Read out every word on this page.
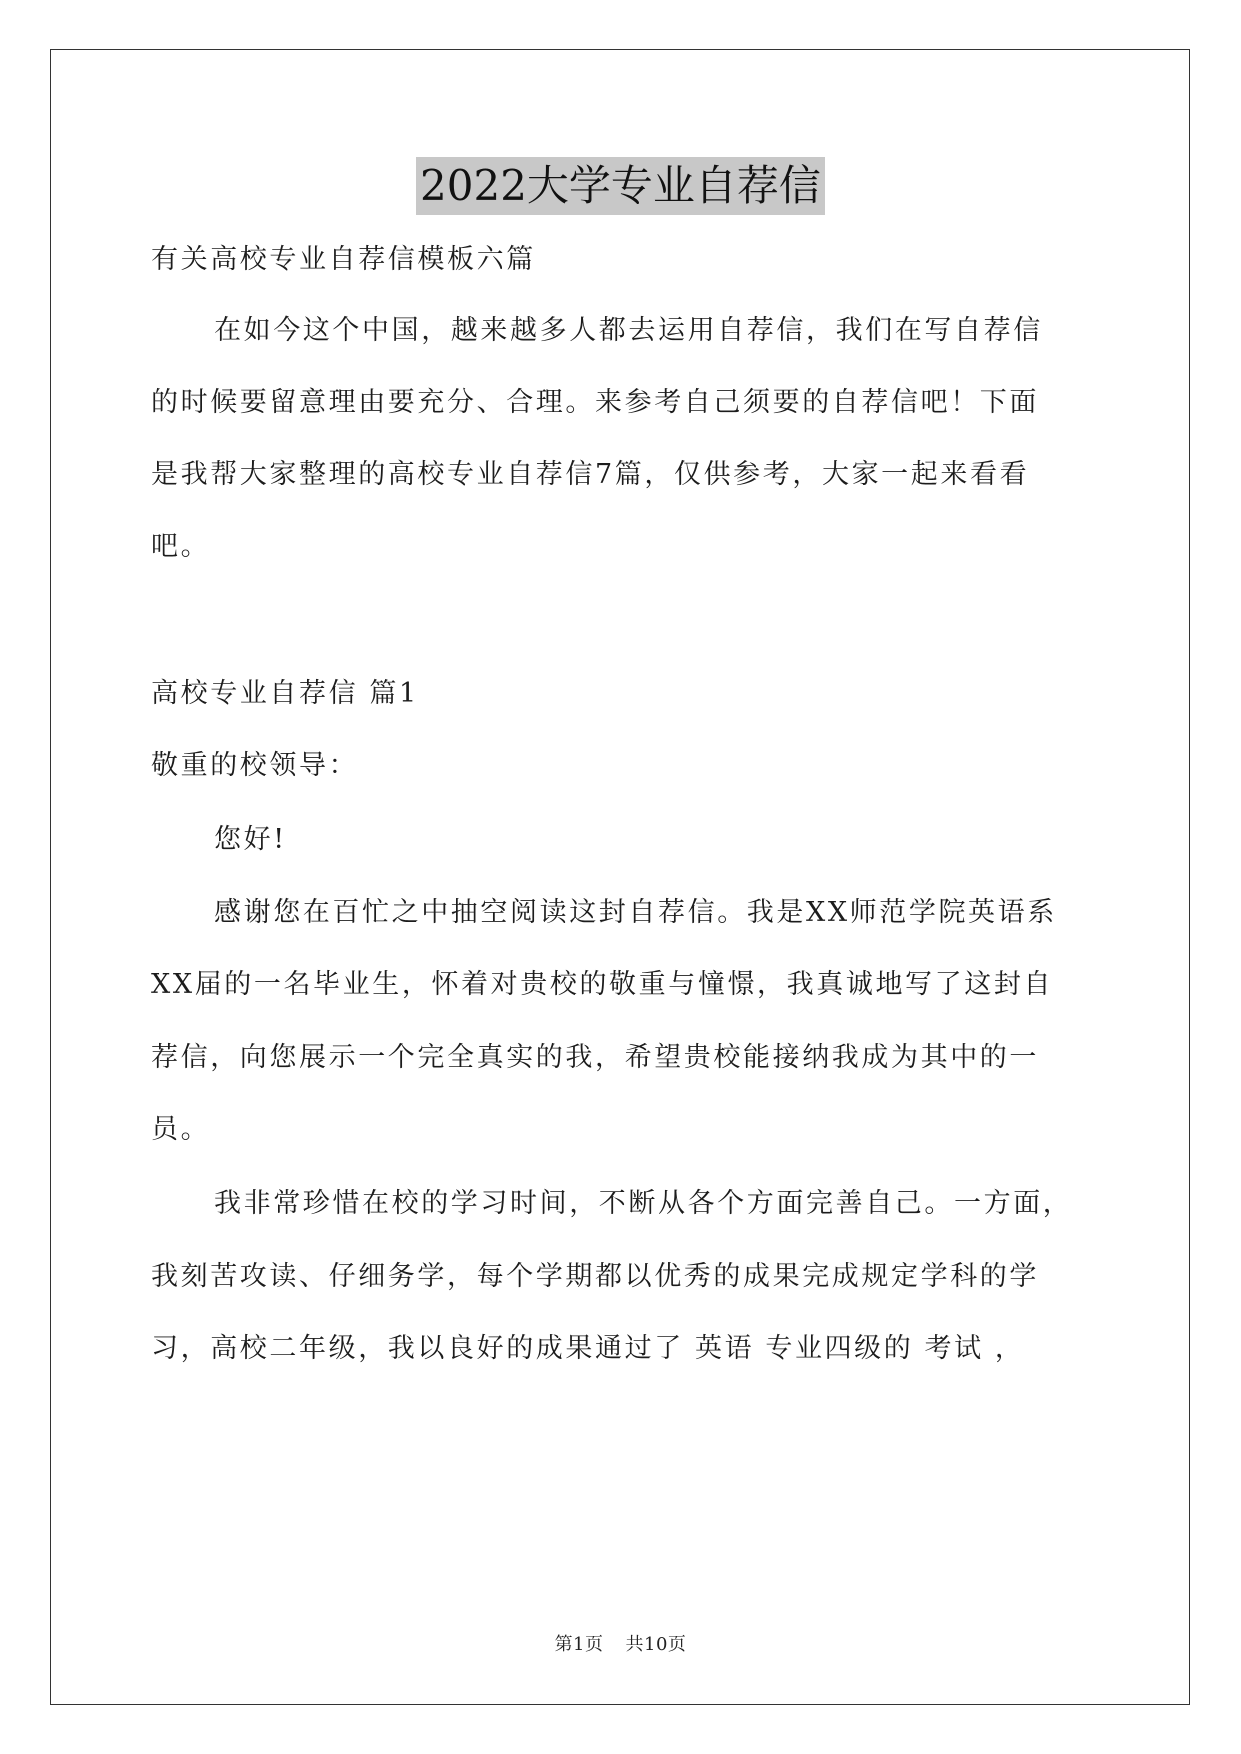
2022大学专业自荐信
有关高校专业自荐信模板六篇
在如今这个中国，越来越多人都去运用自荐信，我们在写自荐信
的时候要留意理由要充分、合理。来参考自己须要的自荐信吧！下面
是我帮大家整理的高校专业自荐信7篇，仅供参考，大家一起来看看
吧。
高校专业自荐信 篇1
敬重的校领导：
您好!
感谢您在百忙之中抽空阅读这封自荐信。我是XX师范学院英语系
XX届的一名毕业生，怀着对贵校的敬重与憧憬，我真诚地写了这封自
荐信，向您展示一个完全真实的我，希望贵校能接纳我成为其中的一
员。
我非常珍惜在校的学习时间，不断从各个方面完善自己。一方面，
我刻苦攻读、仔细务学，每个学期都以优秀的成果完成规定学科的学
习，高校二年级，我以良好的成果通过了 英语 专业四级的 考试 ，
第1页 共10页
